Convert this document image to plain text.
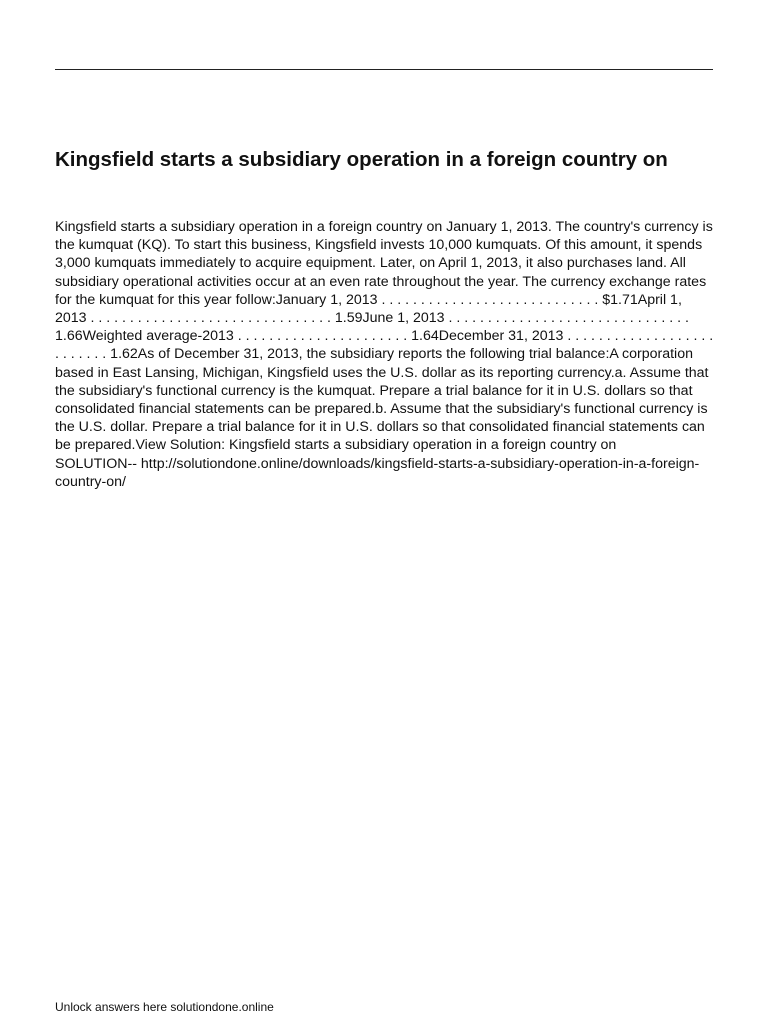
Kingsfield starts a subsidiary operation in a foreign country on

Kingsfield starts a subsidiary operation in a foreign country on January 1, 2013. The country's currency is the kumquat (KQ). To start this business, Kingsfield invests 10,000 kumquats. Of this amount, it spends 3,000 kumquats immediately to acquire equipment. Later, on April 1, 2013, it also purchases land. All subsidiary operational activities occur at an even rate throughout the year. The currency exchange rates for the kumquat for this year follow:January 1, 2013 . . . . . . . . . . . . . . . . . . . . . . . . . . . . $1.71April 1, 2013 . . . . . . . . . . . . . . . . . . . . . . . . . . . . . . . 1.59June 1, 2013 . . . . . . . . . . . . . . . . . . . . . . . . . . . . . . . 1.66Weighted average-2013 . . . . . . . . . . . . . . . . . . . . . . 1.64December 31, 2013 . . . . . . . . . . . . . . . . . . . . . . . . . . 1.62As of December 31, 2013, the subsidiary reports the following trial balance:A corporation based in East Lansing, Michigan, Kingsfield uses the U.S. dollar as its reporting currency.a. Assume that the subsidiary's functional currency is the kumquat. Prepare a trial balance for it in U.S. dollars so that consolidated financial statements can be prepared.b. Assume that the subsidiary's functional currency is the U.S. dollar. Prepare a trial balance for it in U.S. dollars so that consolidated financial statements can be prepared.View Solution: Kingsfield starts a subsidiary operation in a foreign country on
SOLUTION-- http://solutiondone.online/downloads/kingsfield-starts-a-subsidiary-operation-in-a-foreign-country-on/

Unlock answers here solutiondone.online
